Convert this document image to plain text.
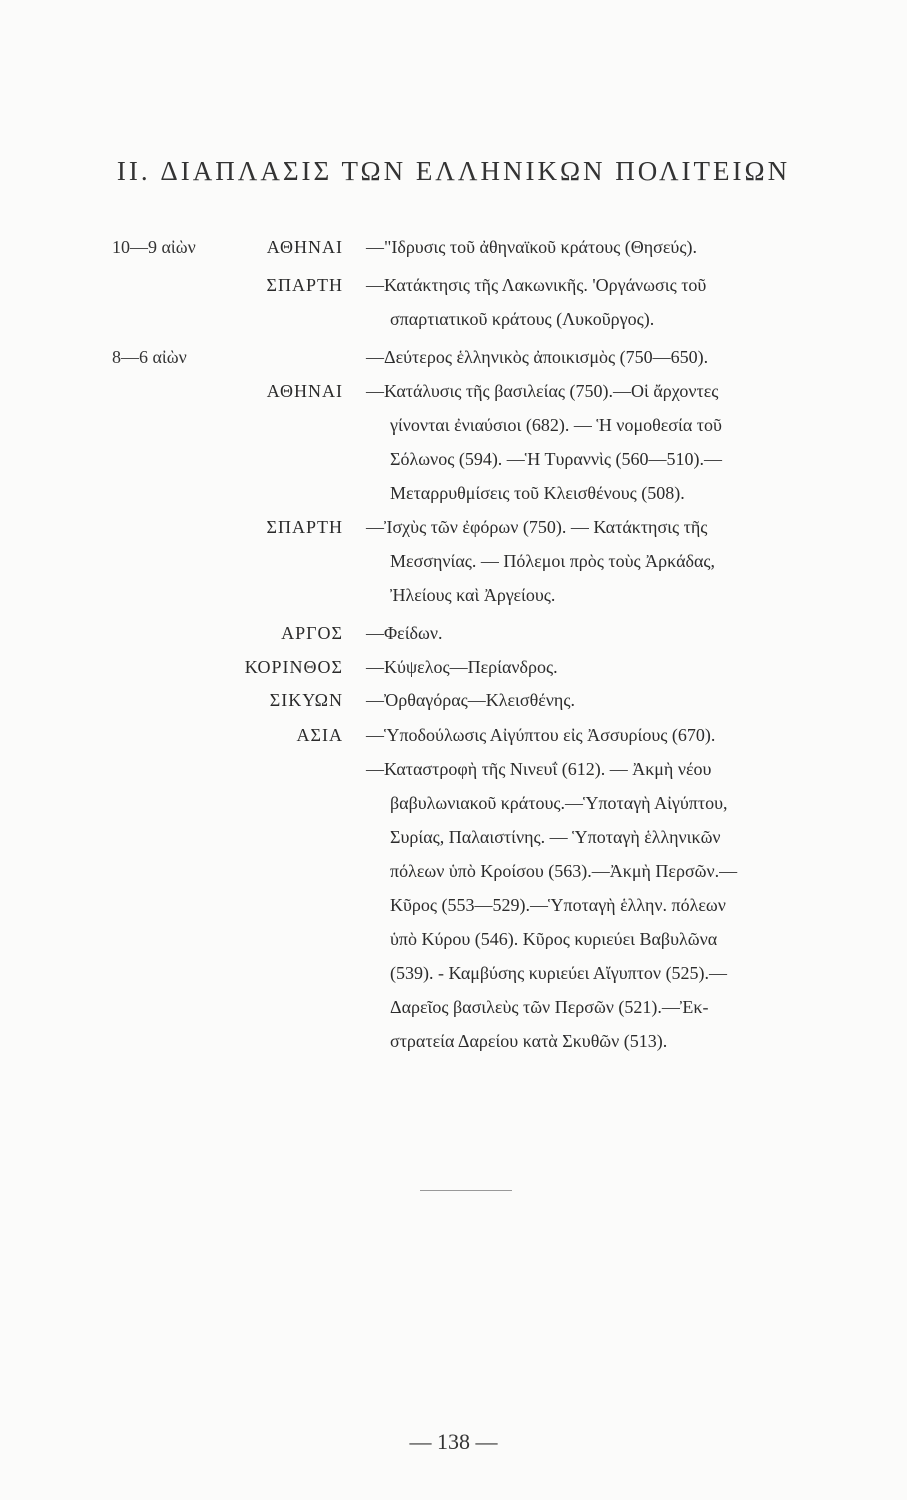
II. ΔΙΑΠΛΑΣΙΣ ΤΩΝ ΕΛΛΗΝΙΚΩΝ ΠΟΛΙΤΕΙΩΝ
10—9 αἰὼν	ΑΘΗΝΑΙ —"Ιδρυσις τοῦ ἀθηναϊκοῦ κράτους (Θησεύς).
ΣΠΑΡΤΗ —Κατάκτησις τῆς Λακωνικῆς. 'Οργάνωσις τοῦ
σπαρτιατικοῦ κράτους (Λυκοῦργος).
8—6 αἰὼν	—Δεύτερος ἑλληνικὸς ἀποικισμὸς (750—650).
ΑΘΗΝΑΙ —Κατάλυσις τῆς βασιλείας (750).—Οἱ ἄρχοντες
γίνονται ἐνιαύσιοι (682). — Ἡ νομοθεσία τοῦ
Σόλωνος (594). —Ἡ Τυραννὶς (560—510).—
Μεταρρυθμίσεις τοῦ Κλεισθένους (508).
ΣΠΑΡΤΗ —Ἰσχὺς τῶν ἐφόρων (750). — Κατάκτησις τῆς
Μεσσηνίας. — Πόλεμοι πρὸς τοὺς Ἀρκάδας,
Ἠλείους καὶ Ἀργείους.
ΑΡΓΟΣ —Φείδων.
ΚΟΡΙΝΘΟΣ —Κύψελος—Περίανδρος.
ΣΙΚΥΩΝ —Ὀρθαγόρας—Κλεισθένης.
ΑΣΙΑ —Ὑποδούλωσις Αἰγύπτου εἰς Ἀσσυρίους (670).
—Καταστροφὴ τῆς Νινευΐ (612). — Ἀκμὴ νέου
βαβυλωνιακοῦ κράτους.—Ὑποταγὴ Αἰγύπτου,
Συρίας, Παλαιστίνης. — Ὑποταγὴ ἑλληνικῶν
πόλεων ὑπὸ Κροίσου (563).—Ἀκμὴ Περσῶν.—
Κῦρος (553—529).—Ὑποταγὴ ἑλλην. πόλεων
ὑπὸ Κύρου (546). Κῦρος κυριεύει Βαβυλῶνα
(539). - Καμβύσης κυριεύει Αἴγυπτον (525).—
Δαρεῖος βασιλεὺς τῶν Περσῶν (521).—Ἐκ-
στρατεία Δαρείου κατὰ Σκυθῶν (513).
— 138 —
